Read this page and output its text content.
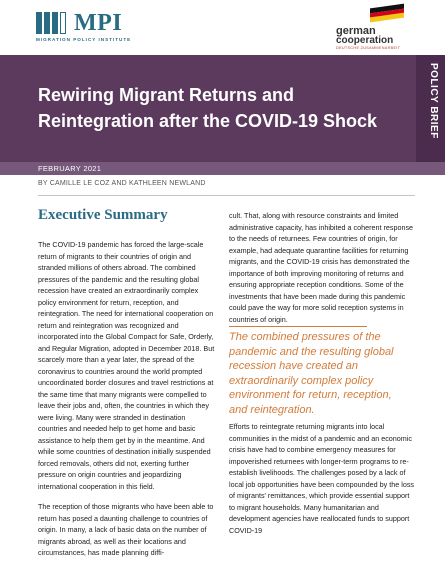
MPI
MIGRATION POLICY INSTITUTE
german
cooperation
DEUTSCHE ZUSAMMENARBEIT
Rewiring Migrant Returns and Reintegration after the COVID-19 Shock	POLICY BRIEF
FEBRUARY 2021
BY CAMILLE LE COZ AND KATHLEEN NEWLAND
Executive Summary

The COVID-19 pandemic has forced the large-scale return of migrants to their countries of origin and stranded millions of others abroad. The combined pressures of the pandemic and the resulting global recession have created an extraordinarily complex policy environment for return, reception, and reintegration. The need for international cooperation on return and reintegration was recognized and incorporated into the Global Compact for Safe, Orderly, and Regular Migration, adopted in December 2018. But scarcely more than a year later, the spread of the coronavirus to countries around the world prompted uncoordinated border closures and travel restrictions at the same time that many migrants were compelled to leave their jobs and, often, the countries in which they were living. Many were stranded in destination countries and needed help to get home and basic assistance to help them get by in the meantime. And while some countries of destination initially suspended forced removals, others did not, exerting further pressure on origin countries and jeopardizing international cooperation in this field.

The reception of those migrants who have been able to return has posed a daunting challenge to countries of origin. In many, a lack of basic data on the number of migrants abroad, as well as their locations and circumstances, has made planning diffi-

cult. That, along with resource constraints and limited administrative capacity, has inhibited a coherent response to the needs of returnees. Few countries of origin, for example, had adequate quarantine facilities for returning migrants, and the COVID-19 crisis has demonstrated the importance of both improving monitoring of returns and ensuring appropriate reception conditions. Some of the investments that have been made during this pandemic could pave the way for more solid reception systems in countries of origin.

The combined pressures of the pandemic and the resulting global recession have created an extraordinarily complex policy environment for return, reception, and reintegration.

Efforts to reintegrate returning migrants into local communities in the midst of a pandemic and an economic crisis have had to combine emergency measures for impoverished returnees with longer-term programs to re-establish livelihoods. The challenges posed by a lack of local job opportunities have been compounded by the loss of migrants' remittances, which provide essential support to migrant households. Many humanitarian and development agencies have reallocated funds to support COVID-19
